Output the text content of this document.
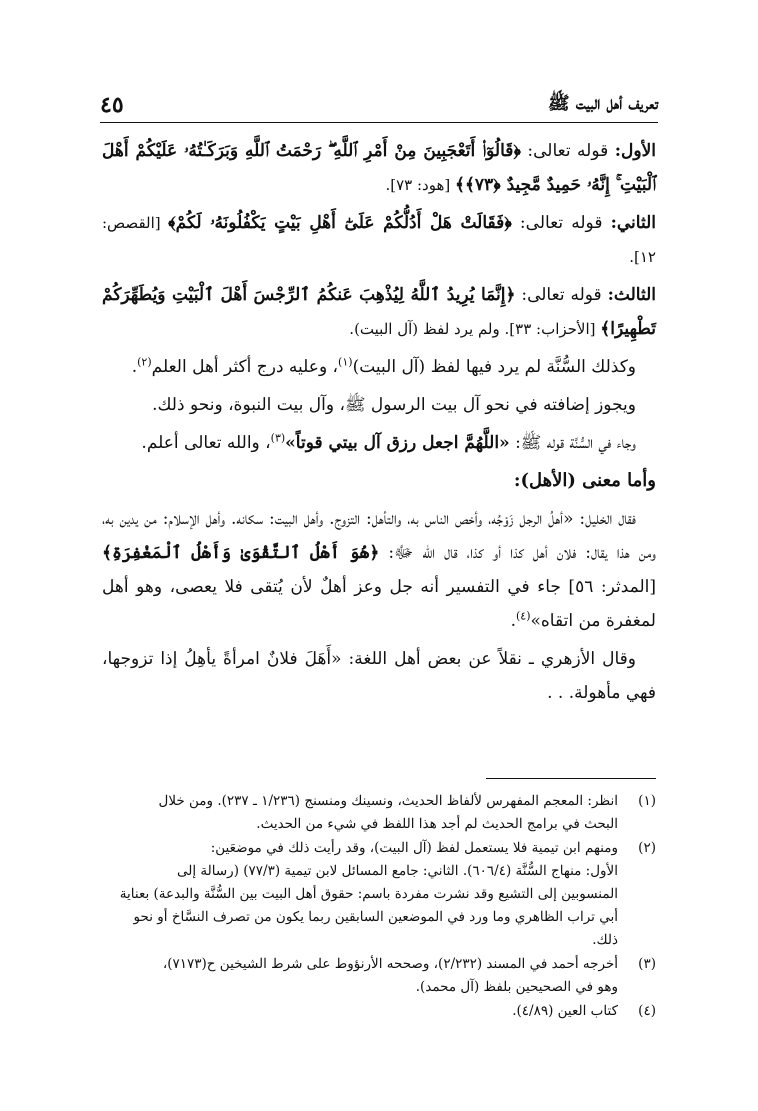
تعريف أهل البيت ﷺ
٤٥

الأول: قوله تعالى: ﴿قَالُوٓا۟ أَتَعْجَبِينَ مِنْ أَمْرِ ٱللَّهِ ۖ رَحْمَتُ ٱللَّهِ وَبَرَكَـٰتُهُۥ عَلَيْكُمْ أَهْلَ ٱلْبَيْتِ ۚ إِنَّهُۥ حَمِيدٌ مَّجِيدٌ ﴿٧٣﴾﴾ [هود: ٧٣].

الثاني: قوله تعالى: ﴿فَقَالَتْ هَلْ أَدُلُّكُمْ عَلَىٰٓ أَهْلِ بَيْتٍ يَكْفُلُونَهُۥ لَكُمْ﴾ [القصص: ١٢].

الثالث: قوله تعالى: ﴿إِنَّمَا يُرِيدُ ٱللَّهُ لِيُذْهِبَ عَنكُمُ ٱلرِّجْسَ أَهْلَ ٱلْبَيْتِ وَيُطَهِّرَكُمْ تَطْهِيرًا﴾ [الأحزاب: ٣٣]. ولم يرد لفظ (آل البيت).

وكذلك السُّنَّة لم يرد فيها لفظ (آل البيت)$^{(١)}$، وعليه درج أكثر أهل العلم$^{(٢)}$.

ويجوز إضافته في نحو آل بيت الرسول ﷺ، وآل بيت النبوة، ونحو ذلك.

وجاء في السُّنَّة قوله ﷺ: «اللَّهُمَّ اجعل رزق آل بيتي قوتاً»$^{(٣)}$، والله تعالى أعلم.

وأما معنى (الأهل):

فقال الخليل: «أهلُ الرجل زَوْجُه، وأخص الناس به، والتأهل: التزوج. وأهل البيت: سكانه. وأهل الإسلام: من يدين به، ومن هذا يقال: فلان أهل كذا أو كذا، قال الله ﷻ: ﴿هُوَ أَهْلُ ٱلتَّقْوَىٰ وَأَهْلُ ٱلْمَغْفِرَةِ﴾ [المدثر: ٥٦] جاء في التفسير أنه جل وعز أهلٌ لأن يُتقى فلا يعصى، وهو أهل لمغفرة من اتقاه»$^{(٤)}$.

وقال الأزهري ـ نقلاً عن بعض أهل اللغة: «أَهَلَ فلانٌ امرأةً يأهِلُ إذا تزوجها، فهي مأهولة. . .

(١)
انظر: المعجم المفهرس لألفاظ الحديث، ونسينك ومنسنج (١/٢٣٦ ـ ٢٣٧). ومن خلال
البحث في برامج الحديث لم أجد هذا اللفظ في شيء من الحديث.
(٢)
ومنهم ابن تيمية فلا يستعمل لفظ (آل البيت)، وقد رأيت ذلك في موضعَين:
الأول: منهاج السُّنَّة (٦٠٦/٤). الثاني: جامع المسائل لابن تيمية (٧٧/٣) (رسالة إلى
المنسوبين إلى التشيع وقد نشرت مفردة باسم: حقوق أهل البيت بين السُّنَّة والبدعة) بعناية
أبي تراب الظاهري وما ورد في الموضعين السابقين ربما يكون من تصرف النسَّاخ أو نحو
ذلك.
(٣)
أخرجه أحمد في المسند (٢/٢٣٢)، وصححه الأرنؤوط على شرط الشيخين ح(٧١٧٣)،
وهو في الصحيحين بلفظ (آل محمد).
(٤)
كتاب العين (٤/٨٩).
